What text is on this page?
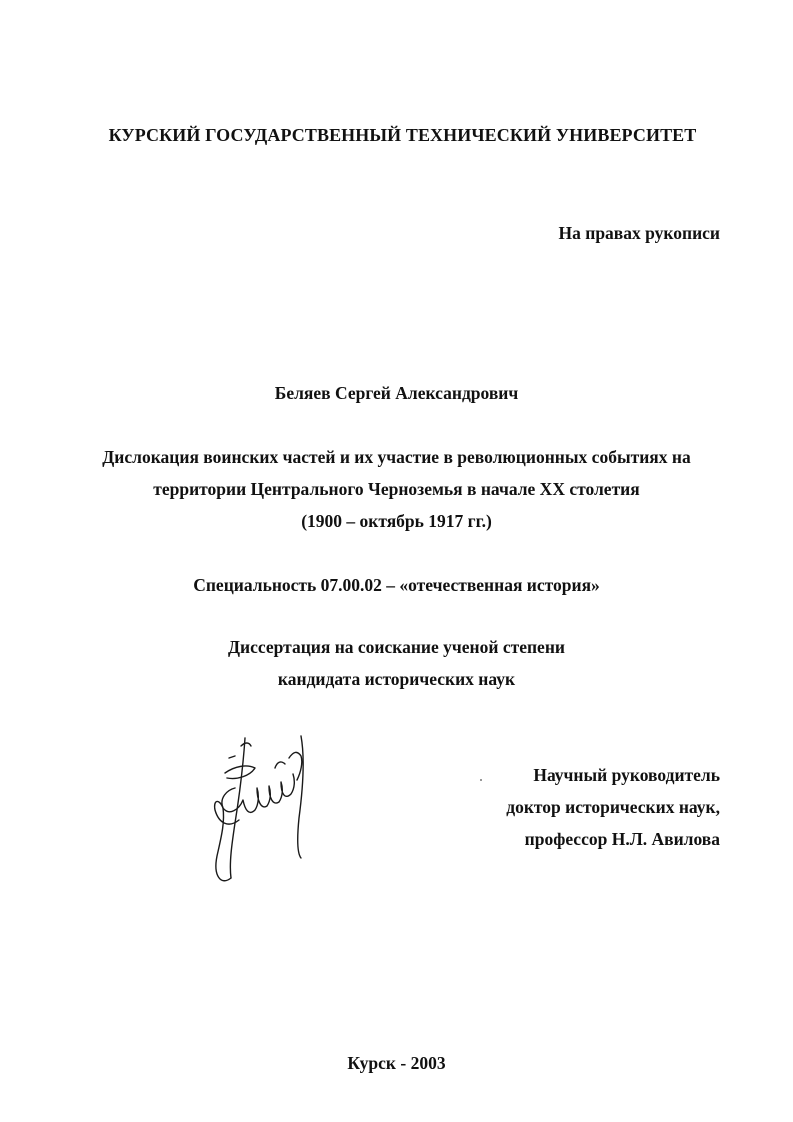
КУРСКИЙ ГОСУДАРСТВЕННЫЙ ТЕХНИЧЕСКИЙ УНИВЕРСИТЕТ
На правах рукописи
Беляев Сергей Александрович
Дислокация воинских частей и их участие в революционных событиях на
территории Центрального Черноземья в начале XX столетия
(1900 – октябрь 1917 гг.)
Специальность 07.00.02 – «отечественная история»
Диссертация на соискание ученой степени
кандидата исторических наук
Научный руководитель
доктор исторических наук,
профессор Н.Л. Авилова
Курск - 2003
